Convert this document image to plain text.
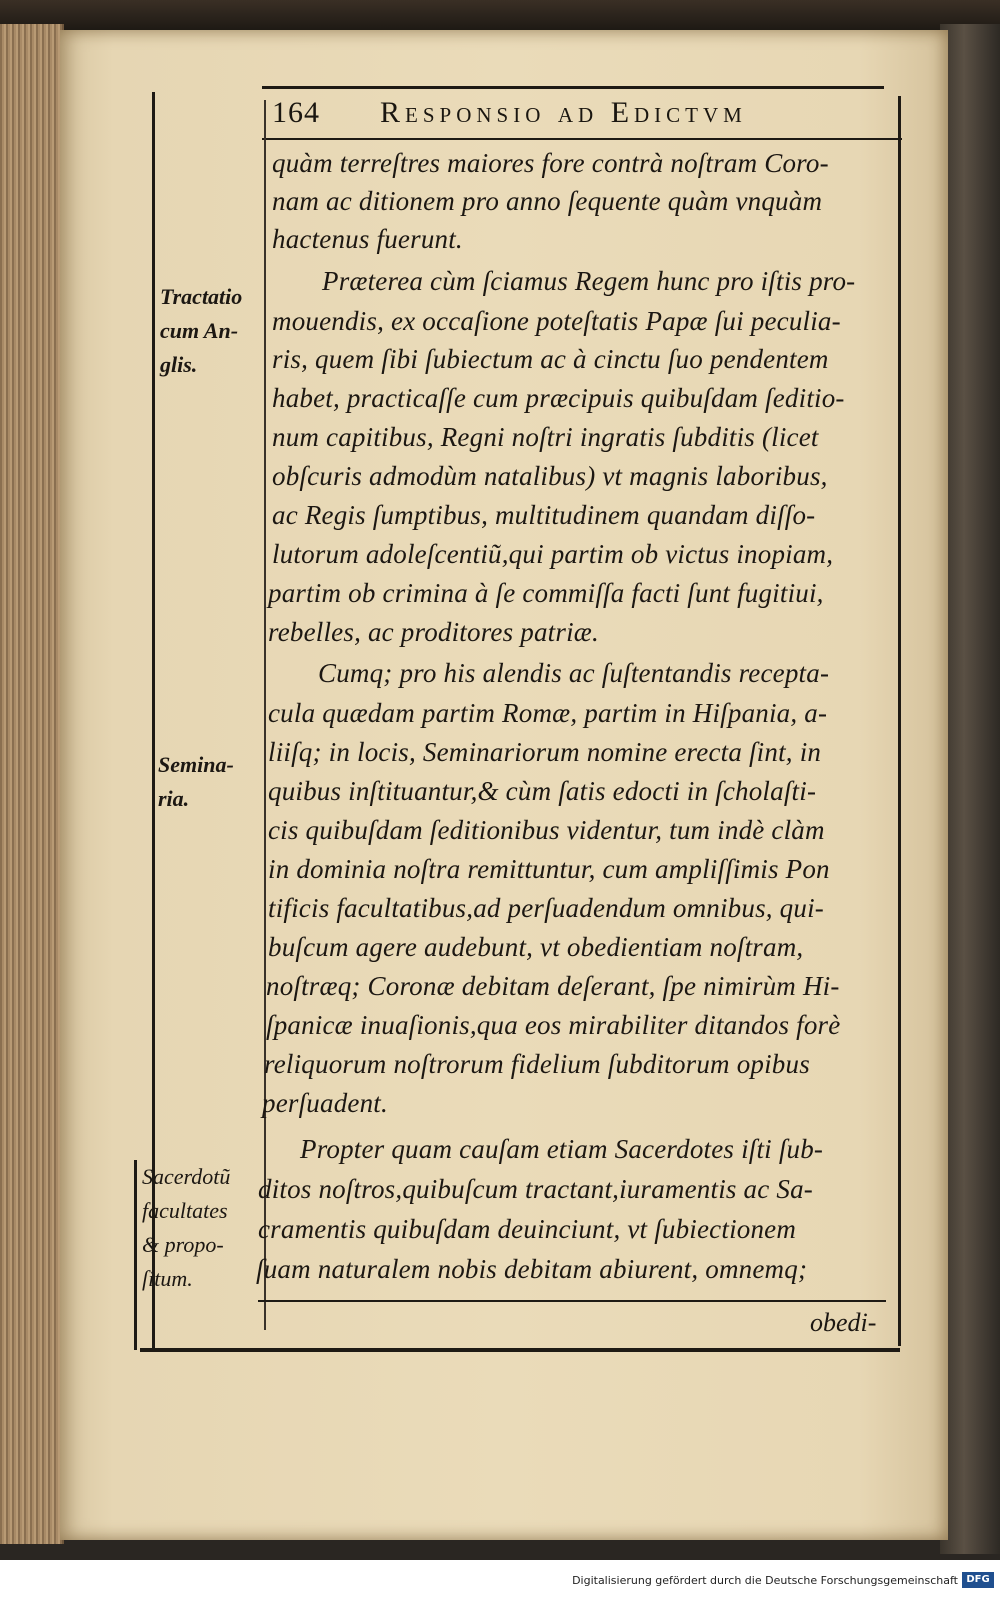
164 Responsio ad Edictvm
quàm terreſtres maiores fore contrà noſtram Coro-
nam ac ditionem pro anno ſequente quàm vnquàm
hactenus fuerunt.
Præterea cùm ſciamus Regem hunc pro iſtis pro-
mouendis, ex occaſione poteſtatis Papæ ſui peculia-
ris, quem ſibi ſubiectum ac à cinctu ſuo pendentem
habet, practicaſſe cum præcipuis quibuſdam ſeditio-
num capitibus, Regni noſtri ingratis ſubditis (licet
obſcuris admodùm natalibus) vt magnis laboribus,
ac Regis ſumptibus, multitudinem quandam diſſo-
lutorum adoleſcentiũ,qui partim ob victus inopiam,
partim ob crimina à ſe commiſſa facti ſunt fugitiui,
rebelles, ac proditores patriæ.
Cumq; pro his alendis ac ſuſtentandis recepta-
cula quædam partim Romæ, partim in Hiſpania, a-
liiſq; in locis, Seminariorum nomine erecta ſint, in
quibus inſtituantur,& cùm ſatis edocti in ſcholaſti-
cis quibuſdam ſeditionibus videntur, tum indè clàm
in dominia noſtra remittuntur, cum ampliſſimis Pon
tificis facultatibus,ad perſuadendum omnibus, qui-
buſcum agere audebunt, vt obedientiam noſtram,
noſtræq; Coronæ debitam deſerant, ſpe nimirùm Hi-
ſpanicæ inuaſionis,qua eos mirabiliter ditandos forè
reliquorum noſtrorum fidelium ſubditorum opibus
perſuadent.
Propter quam cauſam etiam Sacerdotes iſti ſub-
ditos noſtros,quibuſcum tractant,iuramentis ac Sa-
cramentis quibuſdam deuinciunt, vt ſubiectionem
ſuam naturalem nobis debitam abiurent, omnemq;
obedi-
Tractatio
cum An-
glis.
Semina-
ria.
Sacerdotũ
facultates
& propo-
ſitum.
Digitalisierung gefördert durch die Deutsche Forschungsgemeinschaft DFG
